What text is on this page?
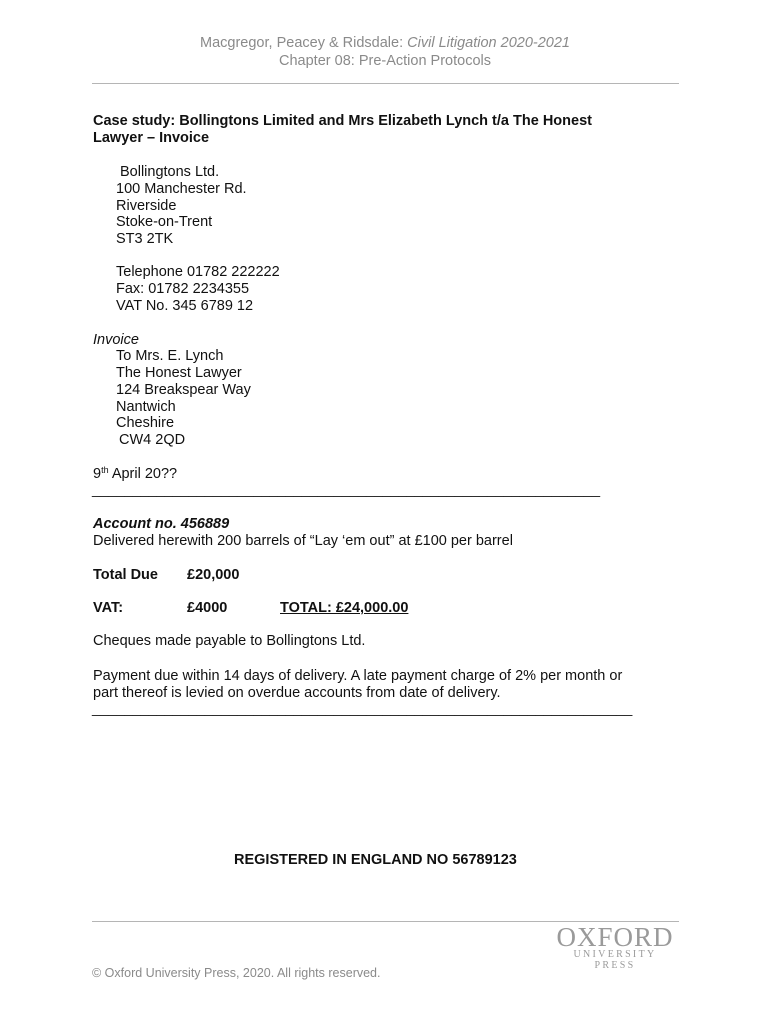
Macgregor, Peacey & Ridsdale: Civil Litigation 2020-2021
Chapter 08: Pre-Action Protocols
Case study: Bollingtons Limited and Mrs Elizabeth Lynch t/a The Honest
Lawyer – Invoice
Bollingtons Ltd.
100 Manchester Rd.
Riverside
Stoke-on-Trent
ST3 2TK
Telephone 01782 222222
Fax: 01782 2234355
VAT No. 345 6789 12
Invoice
To Mrs. E. Lynch
The Honest Lawyer
124 Breakspear Way
Nantwich
Cheshire
CW4 2QD
9th April 20??
_______________________________________________________________
Account no. 456889
Delivered herewith 200 barrels of “Lay ‘em out” at £100 per barrel
Total Due £20,000
VAT:	£4000	TOTAL: £24,000.00
Cheques made payable to Bollingtons Ltd.
Payment due within 14 days of delivery. A late payment charge of 2% per month or
part thereof is levied on overdue accounts from date of delivery.
___________________________________________________________________
REGISTERED IN ENGLAND NO 56789123
OXFORD
UNIVERSITY PRESS
© Oxford University Press, 2020. All rights reserved.
